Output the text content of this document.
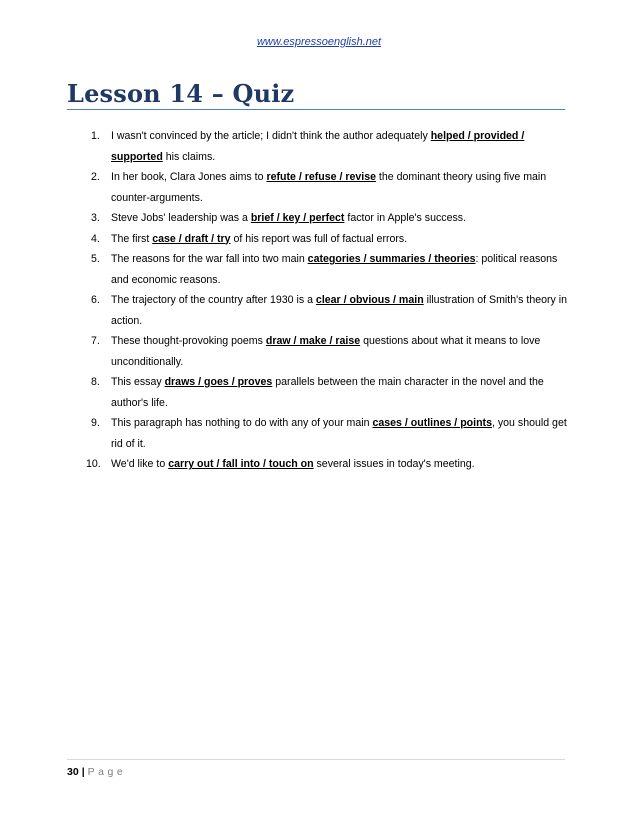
www.espressoenglish.net
Lesson 14 – Quiz
1.	I wasn't convinced by the article; I didn't think the author adequately helped / provided / supported his claims.
2.	In her book, Clara Jones aims to refute / refuse / revise the dominant theory using five main counter-arguments.
3.	Steve Jobs' leadership was a brief / key / perfect factor in Apple's success.
4.	The first case / draft / try of his report was full of factual errors.
5.	The reasons for the war fall into two main categories / summaries / theories: political reasons and economic reasons.
6.	The trajectory of the country after 1930 is a clear / obvious / main illustration of Smith's theory in action.
7.	These thought-provoking poems draw / make / raise questions about what it means to love unconditionally.
8.	This essay draws / goes / proves parallels between the main character in the novel and the author's life.
9.	This paragraph has nothing to do with any of your main cases / outlines / points, you should get rid of it.
10. We'd like to carry out / fall into / touch on several issues in today's meeting.
30 | Page
